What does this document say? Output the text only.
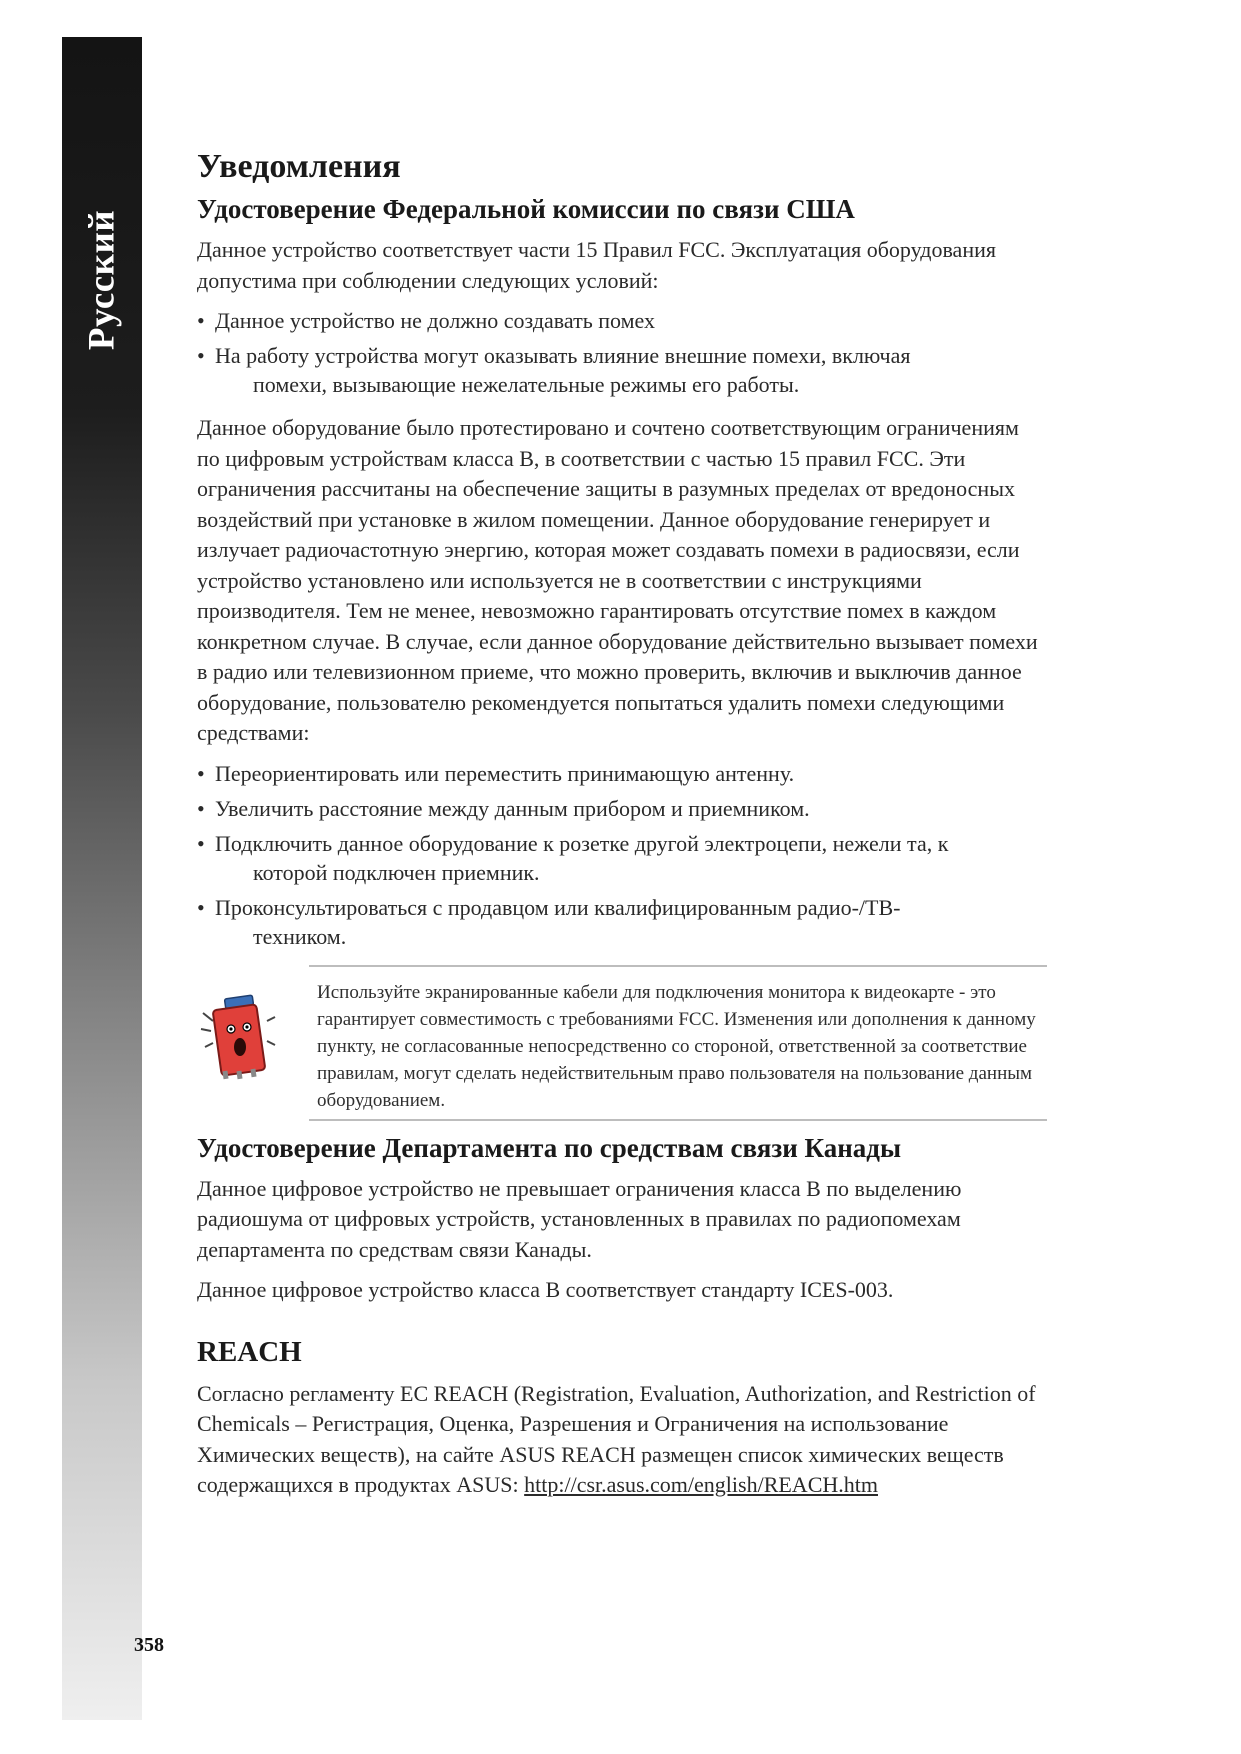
Русский
358
Уведомления
Удостоверение Федеральной комиссии по связи США

Данное устройство соответствует части 15 Правил FCC. Эксплуатация оборудования допустима при соблюдении следующих условий:

• Данное устройство не должно создавать помех
• На работу устройства могут оказывать влияние внешние помехи, включая
помехи, вызывающие нежелательные режимы его работы.

Данное оборудование было протестировано и сочтено соответствующим ограничениям по цифровым устройствам класса B, в соответствии с частью 15 правил FCC. Эти ограничения рассчитаны на обеспечение защиты в разумных пределах от вредоносных воздействий при установке в жилом помещении. Данное оборудование генерирует и излучает радиочастотную энергию, которая может создавать помехи в радиосвязи, если устройство установлено или используется не в соответствии с инструкциями производителя. Тем не менее, невозможно гарантировать отсутствие помех в каждом конкретном случае. В случае, если данное оборудование действительно вызывает помехи в радио или телевизионном приеме, что можно проверить, включив и выключив данное оборудование, пользователю рекомендуется попытаться удалить помехи следующими средствами:

• Переориентировать или переместить принимающую антенну.
• Увеличить расстояние между данным прибором и приемником.
• Подключить данное оборудование к розетке другой электроцепи, нежели та, к
которой подключен приемник.
• Проконсультироваться с продавцом или квалифицированным радио-/ТВ-
техником.

Используйте экранированные кабели для подключения монитора к видеокарте - это гарантирует совместимость с требованиями FCC. Изменения или дополнения к данному пункту, не согласованные непосредственно со стороной, ответственной за соответствие правилам, могут сделать недействительным право пользователя на пользование данным оборудованием.

Удостоверение Департамента по средствам связи Канады

Данное цифровое устройство не превышает ограничения класса B по выделению радиошума от цифровых устройств, установленных в правилах по радиопомехам департамента по средствам связи Канады.

Данное цифровое устройство класса B соответствует стандарту ICES-003.

REACH

Согласно регламенту ЕС REACH (Registration, Evaluation, Authorization, and Restriction of Chemicals – Регистрация, Оценка, Разрешения и Ограничения на использование Химических веществ), на сайте ASUS REACH размещен список химических веществ содержащихся в продуктах ASUS: http://csr.asus.com/english/REACH.htm
